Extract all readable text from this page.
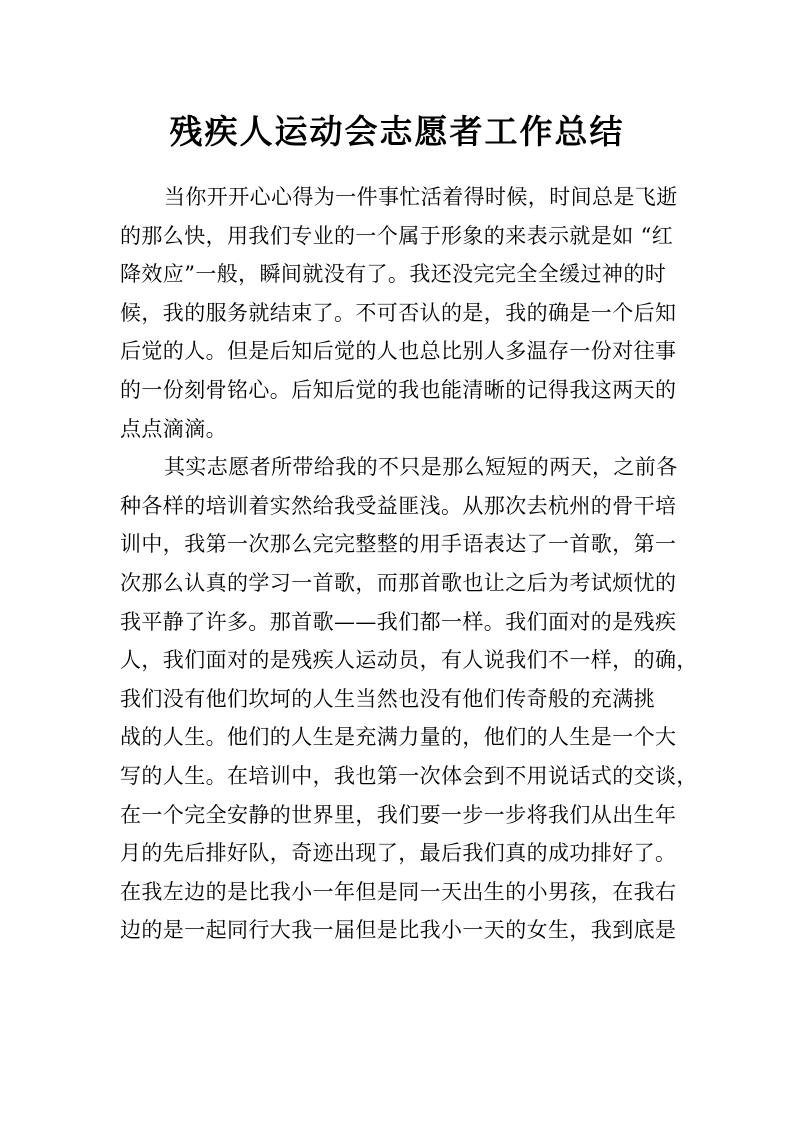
残疾人运动会志愿者工作总结
当你开开心心得为一件事忙活着得时候，时间总是飞逝
的那么快，用我们专业的一个属于形象的来表示就是如 “红
降效应”一般，瞬间就没有了。我还没完完全全缓过神的时
候，我的服务就结束了。不可否认的是，我的确是一个后知
后觉的人。但是后知后觉的人也总比别人多温存一份对往事
的一份刻骨铭心。后知后觉的我也能清晰的记得我这两天的
点点滴滴。
其实志愿者所带给我的不只是那么短短的两天，之前各
种各样的培训着实然给我受益匪浅。从那次去杭州的骨干培
训中，我第一次那么完完整整的用手语表达了一首歌，第一
次那么认真的学习一首歌，而那首歌也让之后为考试烦忧的
我平静了许多。那首歌——我们都一样。我们面对的是残疾
人，我们面对的是残疾人运动员，有人说我们不一样，的确，
我们没有他们坎坷的人生当然也没有他们传奇般的充满挑
战的人生。他们的人生是充满力量的，他们的人生是一个大
写的人生。在培训中，我也第一次体会到不用说话式的交谈，
在一个完全安静的世界里，我们要一步一步将我们从出生年
月的先后排好队，奇迹出现了，最后我们真的成功排好了。
在我左边的是比我小一年但是同一天出生的小男孩，在我右
边的是一起同行大我一届但是比我小一天的女生，我到底是
